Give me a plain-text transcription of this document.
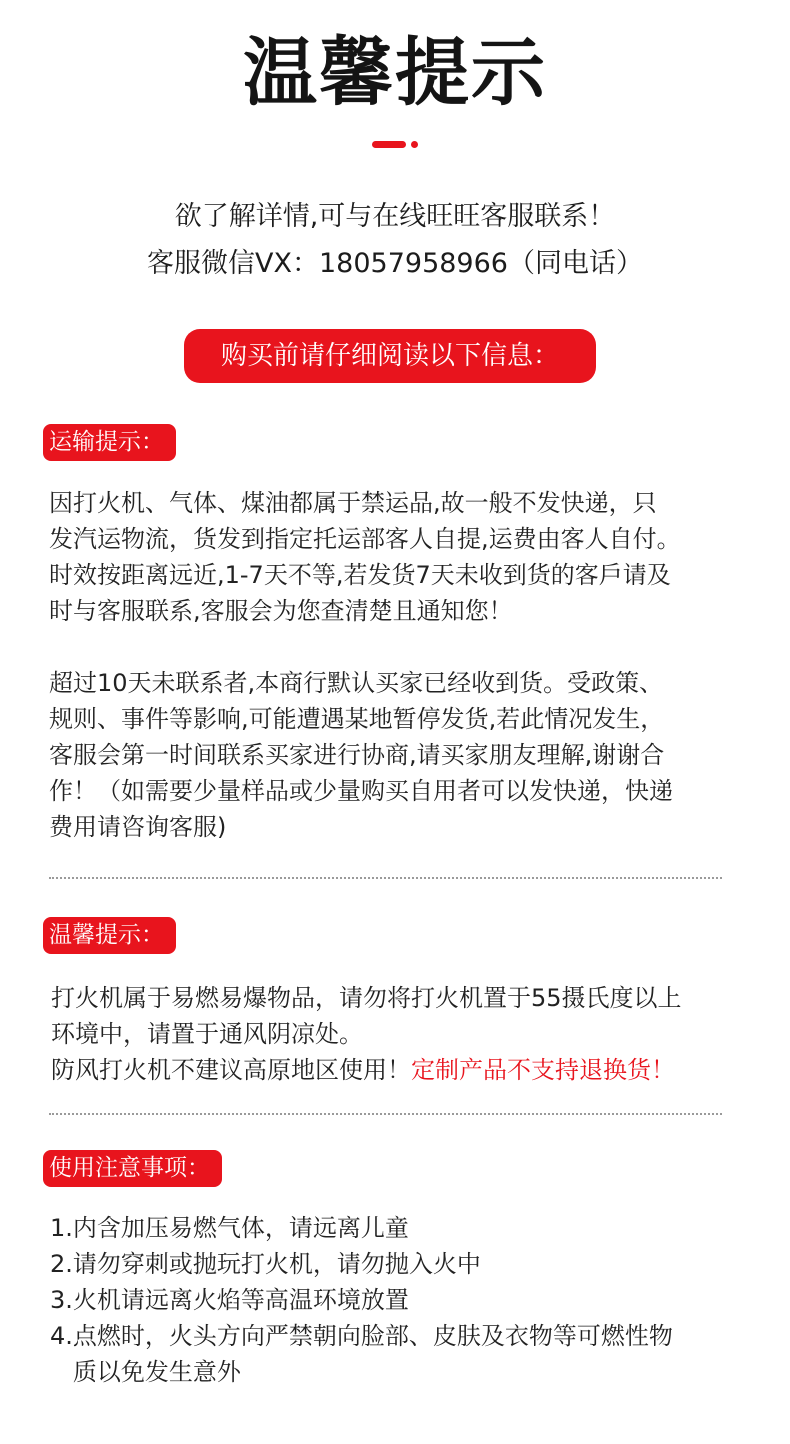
温馨提示
欲了解详情,可与在线旺旺客服联系！
客服微信VX：18057958966（同电话）
购买前请仔细阅读以下信息：
运输提示：

因打火机、气体、煤油都属于禁运品,故一般不发快递，只

发汽运物流，货发到指定托运部客人自提,运费由客人自付。

时效按距离远近,1-7天不等,若发货7天未收到货的客戶请及

时与客服联系,客服会为您查清楚且通知您！

超过10天未联系者,本商行默认买家已经收到货。受政策、

规则、事件等影响,可能遭遇某地暂停发货,若此情况发生，

客服会第一时间联系买家进行协商,请买家朋友理解,谢谢合

作！（如需要少量样品或少量购买自用者可以发快递，快递

费用请咨询客服)

温馨提示：

打火机属于易燃易爆物品，请勿将打火机置于55摄氏度以上

环境中，请置于通风阴凉处。

防风打火机不建议高原地区使用！定制产品不支持退换货！

使用注意事项：
1. 内含加压易燃气体，请远离儿童
2. 请勿穿刺或抛玩打火机，请勿抛入火中
3. 火机请远离火焰等高温环境放置
4. 点燃时，火头方向严禁朝向脸部、皮肤及衣物等可燃性物
质以免发生意外
